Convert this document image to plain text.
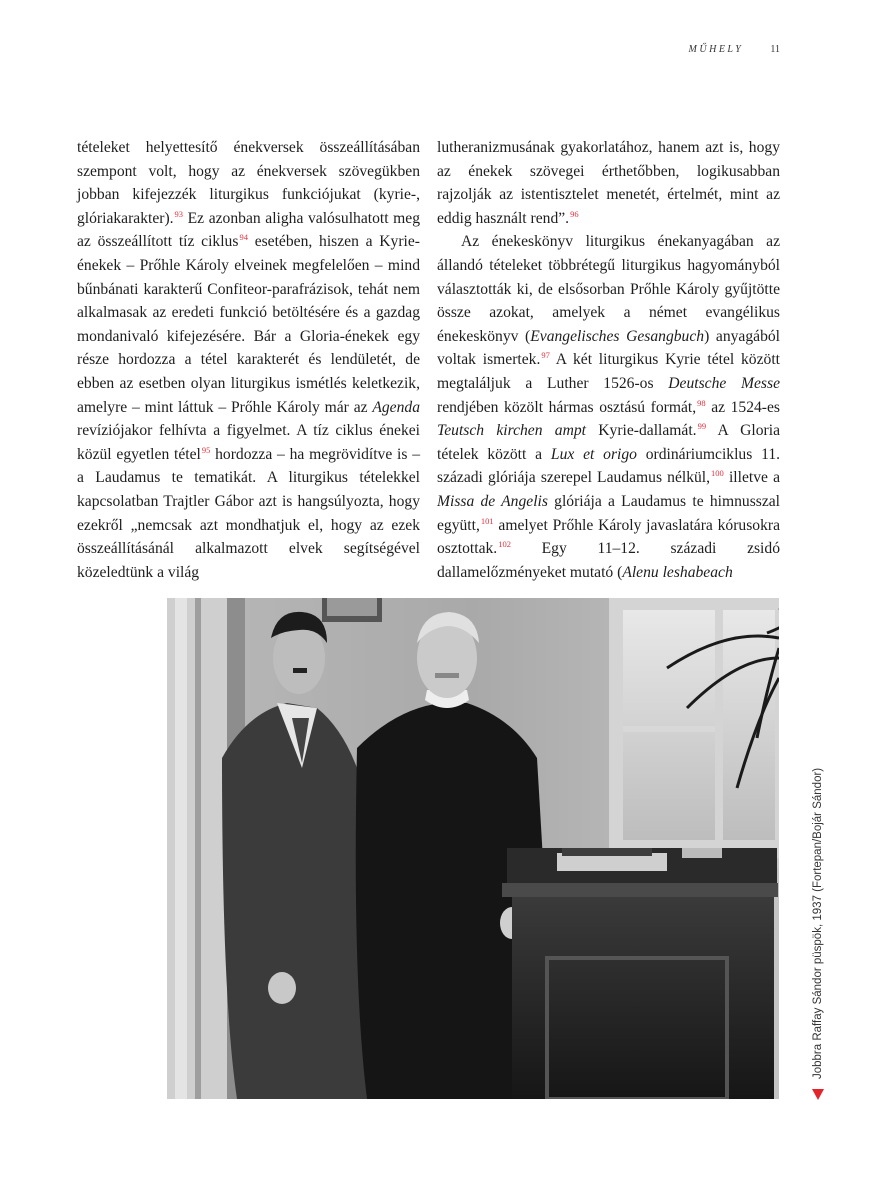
MŰHELY	11

tételeket helyettesítő énekversek összeállításában szempont volt, hogy az énekversek szövegükben jobban kifejezzék liturgikus funkciójukat (kyrie-, glóriakarakter).$^{93}$ Ez azonban aligha valósulhatott meg az összeállított tíz ciklus$^{94}$ esetében, hiszen a Kyrie-énekek – Prőhle Károly elveinek megfelelően – mind bűnbánati karakterű Confiteor-parafrázisok, tehát nem alkalmasak az eredeti funkció betöltésére és a gazdag mondanivaló kifejezésére. Bár a Gloria-énekek egy része hordozza a tétel karakterét és lendületét, de ebben az esetben olyan liturgikus ismétlés keletkezik, amelyre – mint láttuk – Prőhle Károly már az Agenda revíziójakor felhívta a figyelmet. A tíz ciklus énekei közül egyetlen tétel$^{95}$ hordozza – ha megrövidítve is – a Laudamus te tematikát. A liturgikus tételekkel kapcsolatban Trajtler Gábor azt is hangsúlyozta, hogy ezekről „nemcsak azt mondhatjuk el, hogy az ezek összeállításánál alkalmazott elvek segítségével közeledtünk a világ

lutheranizmusának gyakorlatához, hanem azt is, hogy az énekek szövegei érthetőbben, logikusabban rajzolják az istentisztelet menetét, értelmét, mint az eddig használt rend”.$^{96}$

Az énekeskönyv liturgikus énekanyagában az állandó tételeket többrétegű liturgikus hagyományból választották ki, de elsősorban Prőhle Károly gyűjtötte össze azokat, amelyek a német evangélikus énekeskönyv (Evangelisches Gesangbuch) anyagából voltak ismertek.$^{97}$ A két liturgikus Kyrie tétel között megtaláljuk a Luther 1526-os Deutsche Messe rendjében közölt hármas osztású formát,$^{98}$ az 1524-es Teutsch kirchen ampt Kyrie-dallamát.$^{99}$ A Gloria tételek között a Lux et origo ordináriumciklus 11. századi glóriája szerepel Laudamus nélkül,$^{100}$ illetve a Missa de Angelis glóriája a Laudamus te himnusszal együtt,$^{101}$ amelyet Prőhle Károly javaslatára kórusokra osztottak.$^{102}$ Egy 11–12. századi zsidó dallamelőzményeket mutató (Alenu leshabeach

Jobbra Raffay Sándor püspök, 1937 (Fortepan/Bojár Sándor)
